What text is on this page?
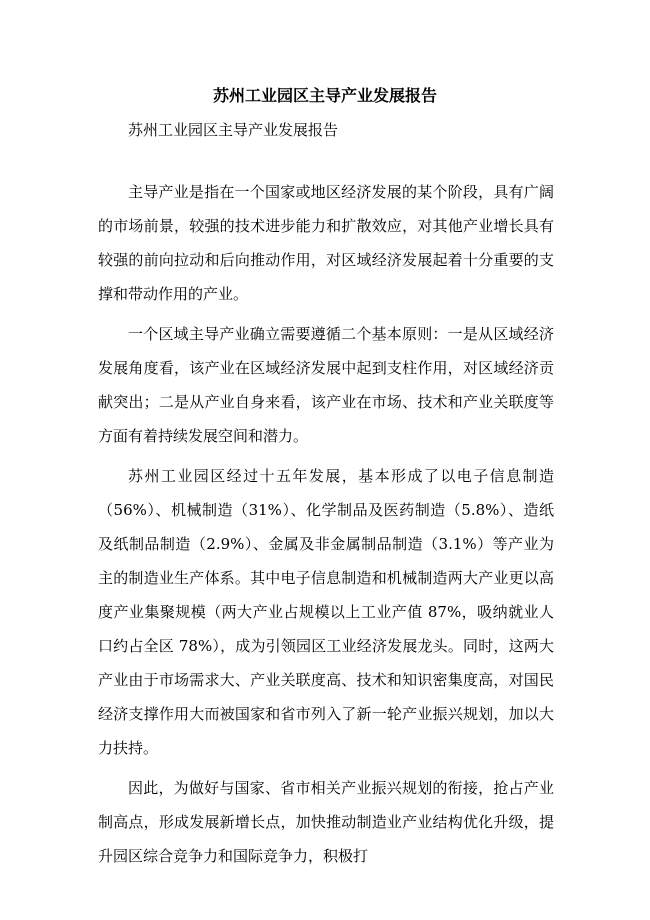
苏州工业园区主导产业发展报告
苏州工业园区主导产业发展报告

主导产业是指在一个国家或地区经济发展的某个阶段，具有广阔的市场前景，较强的技术进步能力和扩散效应，对其他产业增长具有较强的前向拉动和后向推动作用，对区域经济发展起着十分重要的支撑和带动作用的产业。

一个区域主导产业确立需要遵循二个基本原则：一是从区域经济发展角度看，该产业在区域经济发展中起到支柱作用，对区域经济贡献突出；二是从产业自身来看，该产业在市场、技术和产业关联度等方面有着持续发展空间和潜力。

苏州工业园区经过十五年发展，基本形成了以电子信息制造（56%）、机械制造（31%）、化学制品及医药制造（5.8%）、造纸及纸制品制造（2.9%）、金属及非金属制品制造（3.1%）等产业为主的制造业生产体系。其中电子信息制造和机械制造两大产业更以高度产业集聚规模（两大产业占规模以上工业产值 87%，吸纳就业人口约占全区 78%），成为引领园区工业经济发展龙头。同时，这两大产业由于市场需求大、产业关联度高、技术和知识密集度高，对国民经济支撑作用大而被国家和省市列入了新一轮产业振兴规划，加以大力扶持。

因此，为做好与国家、省市相关产业振兴规划的衔接，抢占产业制高点，形成发展新增长点，加快推动制造业产业结构优化升级，提升园区综合竞争力和国际竞争力，积极打
